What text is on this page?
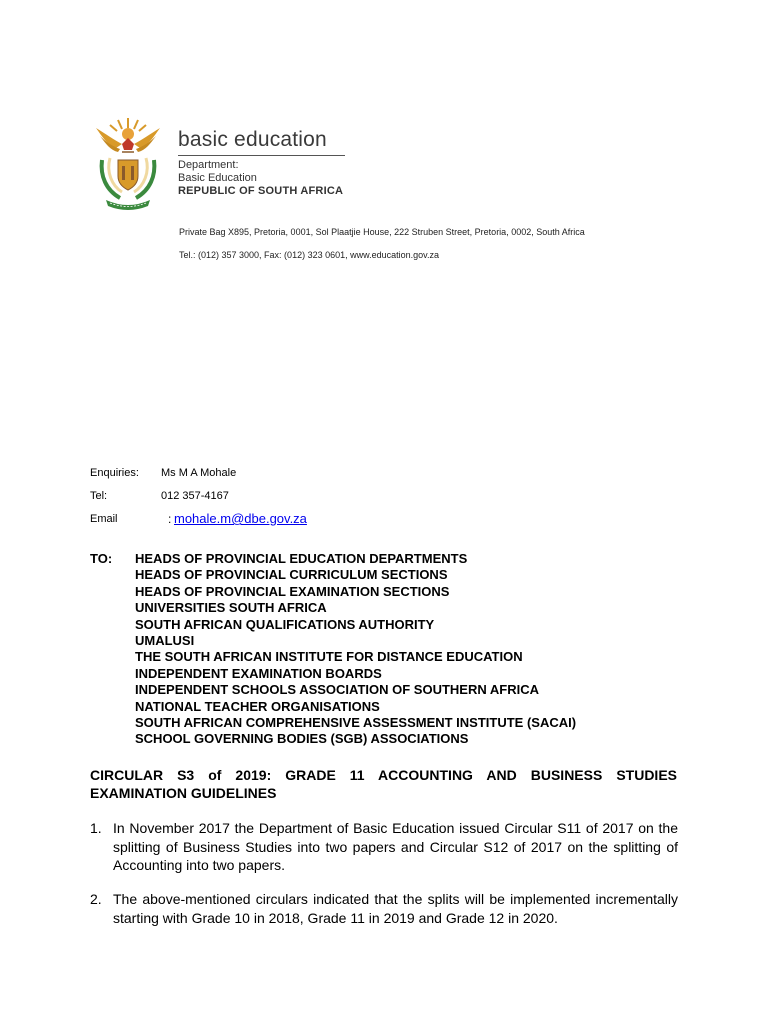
basic education
Department:
Basic Education
REPUBLIC OF SOUTH AFRICA
Private Bag X895, Pretoria, 0001, Sol Plaatjie House, 222 Struben Street, Pretoria, 0002, South Africa
Tel.: (012) 357 3000, Fax: (012) 323 0601, www.education.gov.za
Enquiries: Ms M A Mohale
Tel:	012 357-4167
Email	: mohale.m@dbe.gov.za
TO: HEADS OF PROVINCIAL EDUCATION DEPARTMENTS
HEADS OF PROVINCIAL CURRICULUM SECTIONS
HEADS OF PROVINCIAL EXAMINATION SECTIONS
UNIVERSITIES SOUTH AFRICA
SOUTH AFRICAN QUALIFICATIONS AUTHORITY
UMALUSI
THE SOUTH AFRICAN INSTITUTE FOR DISTANCE EDUCATION
INDEPENDENT EXAMINATION BOARDS
INDEPENDENT SCHOOLS ASSOCIATION OF SOUTHERN AFRICA
NATIONAL TEACHER ORGANISATIONS
SOUTH AFRICAN COMPREHENSIVE ASSESSMENT INSTITUTE (SACAI)
SCHOOL GOVERNING BODIES (SGB) ASSOCIATIONS
CIRCULAR S3 of 2019: GRADE 11 ACCOUNTING AND BUSINESS STUDIES EXAMINATION GUIDELINES
1. In November 2017 the Department of Basic Education issued Circular S11 of 2017 on the splitting of Business Studies into two papers and Circular S12 of 2017 on the splitting of Accounting into two papers.
2. The above-mentioned circulars indicated that the splits will be implemented incrementally starting with Grade 10 in 2018, Grade 11 in 2019 and Grade 12 in 2020.
